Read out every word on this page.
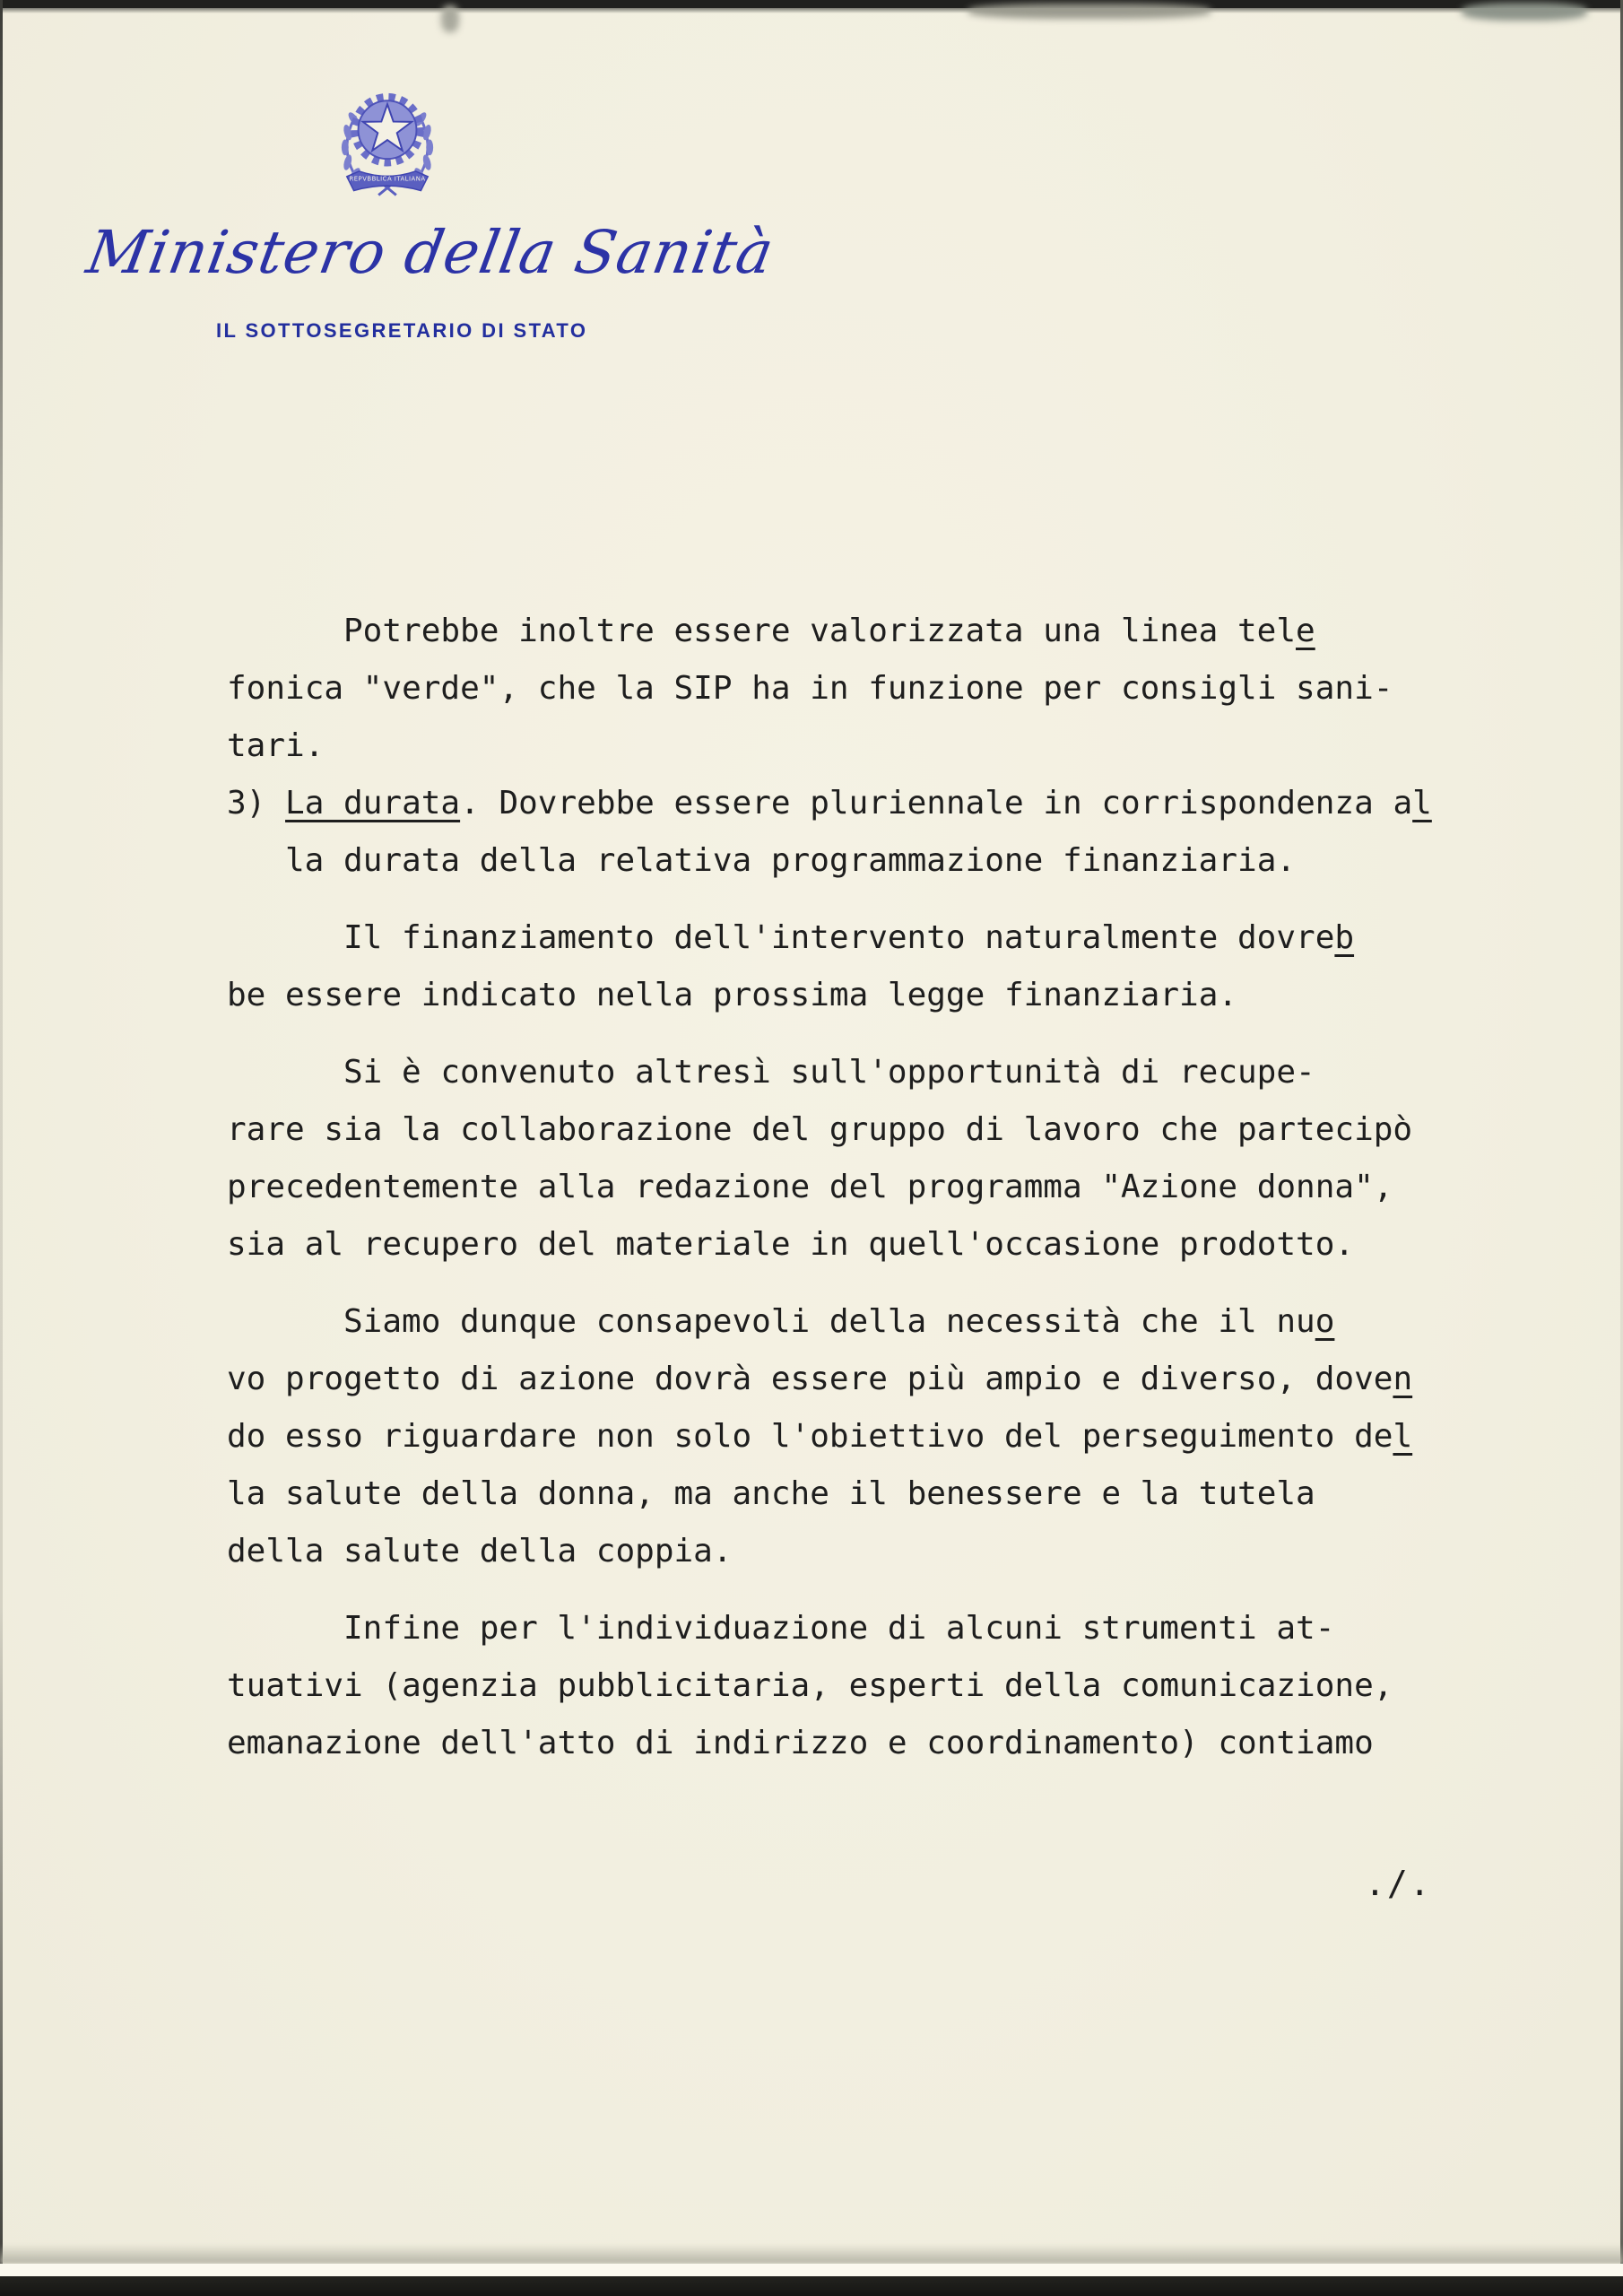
REPVBBLICA ITALIANA
Ministero della Sanità
IL SOTTOSEGRETARIO DI STATO
Potrebbe inoltre essere valorizzata una linea tele
fonica "verde", che la SIP ha in funzione per consigli sani-
tari.
3) La durata. Dovrebbe essere pluriennale in corrispondenza al
la durata della relativa programmazione finanziaria.
Il finanziamento dell'intervento naturalmente dovreb
be essere indicato nella prossima legge finanziaria.
Si è convenuto altresì sull'opportunità di recupe-
rare sia la collaborazione del gruppo di lavoro che partecipò
precedentemente alla redazione del programma "Azione donna",
sia al recupero del materiale in quell'occasione prodotto.
Siamo dunque consapevoli della necessità che il nuo
vo progetto di azione dovrà essere più ampio e diverso, doven
do esso riguardare non solo l'obiettivo del perseguimento del
la salute della donna, ma anche il benessere e la tutela
della salute della coppia.
Infine per l'individuazione di alcuni strumenti at-
tuativi (agenzia pubblicitaria, esperti della comunicazione,
emanazione dell'atto di indirizzo e coordinamento) contiamo
./.
